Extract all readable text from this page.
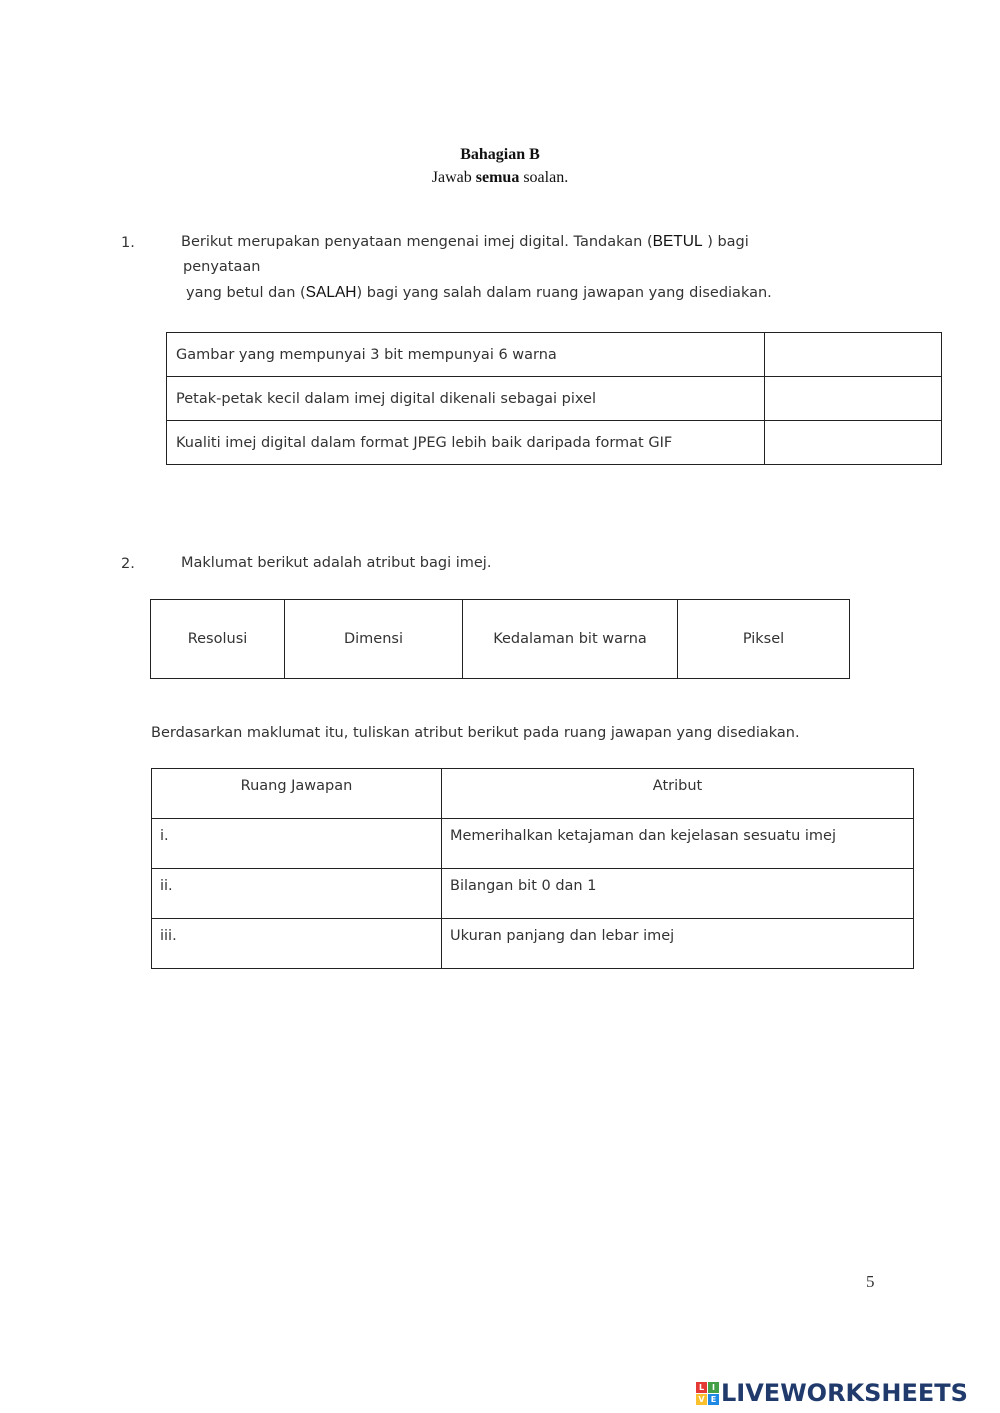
Bahagian B
Jawab semua soalan.
1.	Berikut merupakan penyataan mengenai imej digital. Tandakan (BETUL ) bagi
penyataan
yang betul dan (SALAH) bagi yang salah dalam ruang jawapan yang disediakan.
Gambar yang mempunyai 3 bit mempunyai 6 warna	
Petak-petak kecil dalam imej digital dikenali sebagai pixel	
Kualiti imej digital dalam format JPEG lebih baik daripada format GIF	
2.	Maklumat berikut adalah atribut bagi imej.
Resolusi	Dimensi	Kedalaman bit warna	Piksel
Berdasarkan maklumat itu, tuliskan atribut berikut pada ruang jawapan yang disediakan.
Ruang Jawapan	Atribut
i.	Memerihalkan ketajaman dan kejelasan sesuatu imej
ii.	Bilangan bit 0 dan 1
iii.	Ukuran panjang dan lebar imej
5
L I
V E LIVEWORKSHEETS
